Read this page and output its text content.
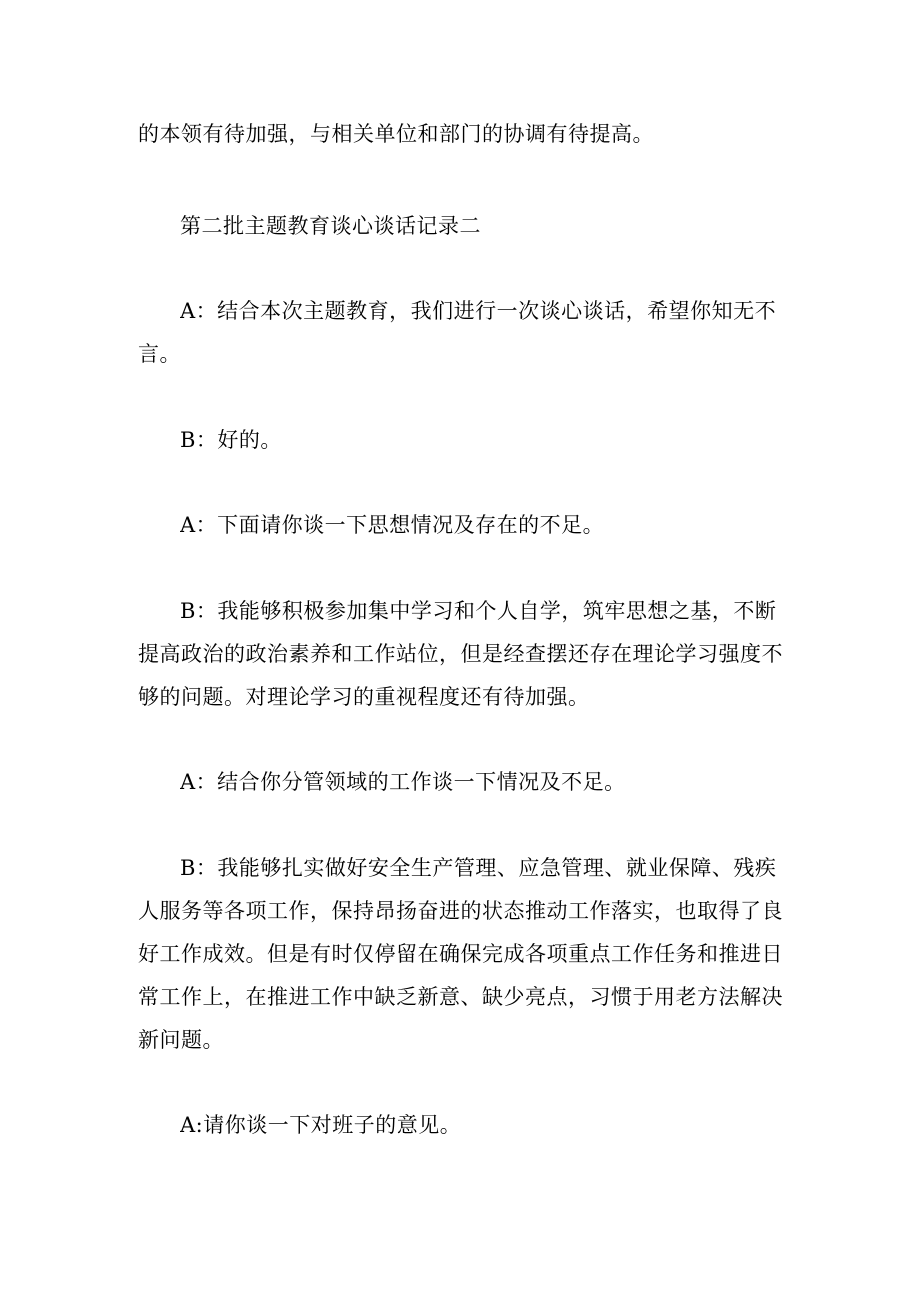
的本领有待加强，与相关单位和部门的协调有待提高。
第二批主题教育谈心谈话记录二
A：结合本次主题教育，我们进行一次谈心谈话，希望你知无不
言。
B：好的。
A：下面请你谈一下思想情况及存在的不足。
B：我能够积极参加集中学习和个人自学，筑牢思想之基，不断
提高政治的政治素养和工作站位，但是经查摆还存在理论学习强度不
够的问题。对理论学习的重视程度还有待加强。
A：结合你分管领域的工作谈一下情况及不足。
B：我能够扎实做好安全生产管理、应急管理、就业保障、残疾
人服务等各项工作，保持昂扬奋进的状态推动工作落实，也取得了良
好工作成效。但是有时仅停留在确保完成各项重点工作任务和推进日
常工作上，在推进工作中缺乏新意、缺少亮点，习惯于用老方法解决
新问题。
A:请你谈一下对班子的意见。
